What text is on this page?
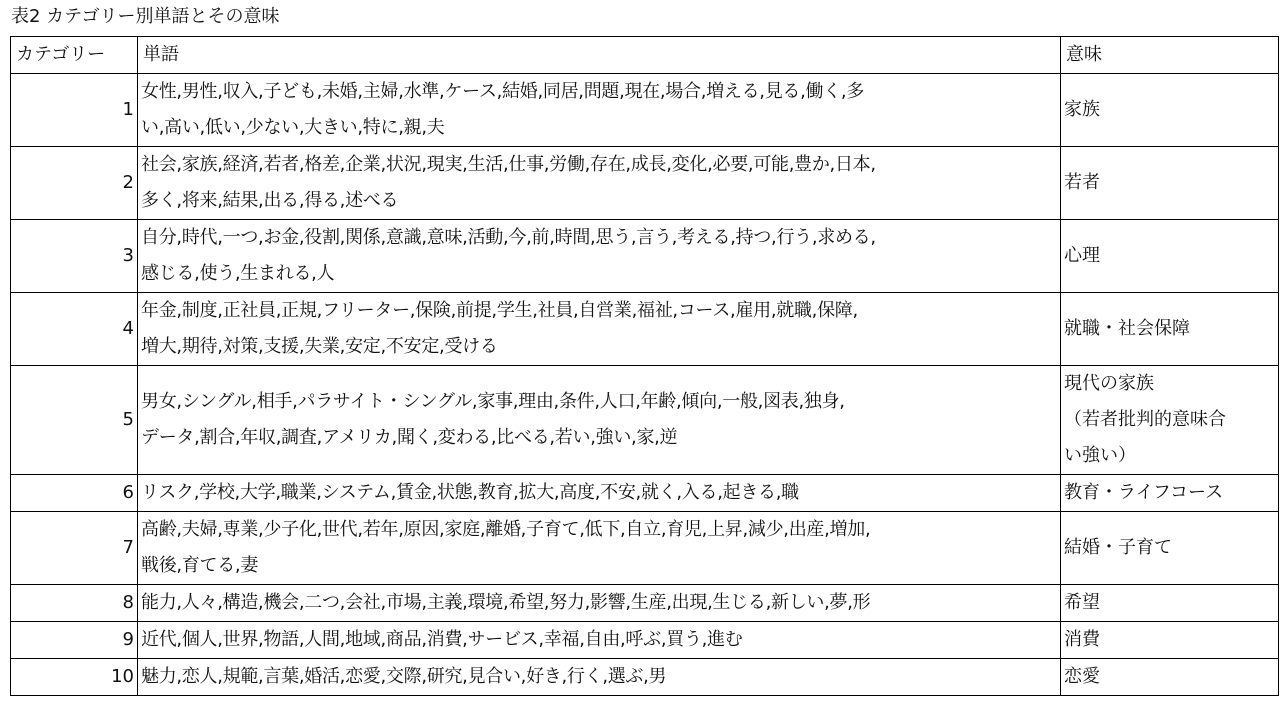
表2 カテゴリー別単語とその意味
カテゴリー	単語	意味
1	女性,男性,収入,子ども,未婚,主婦,水準,ケース,結婚,同居,問題,現在,場合,増える,見る,働く,多
い,高い,低い,少ない,大きい,特に,親,夫	家族

2	社会,家族,経済,若者,格差,企業,状況,現実,生活,仕事,労働,存在,成長,変化,必要,可能,豊か,日本,
多く,将来,結果,出る,得る,述べる	若者

3	自分,時代,一つ,お金,役割,関係,意識,意味,活動,今,前,時間,思う,言う,考える,持つ,行う,求める,
感じる,使う,生まれる,人	心理

4	年金,制度,正社員,正規,フリーター,保険,前提,学生,社員,自営業,福祉,コース,雇用,就職,保障,
増大,期待,対策,支援,失業,安定,不安定,受ける	就職・社会保障

5	男女,シングル,相手,パラサイト・シングル,家事,理由,条件,人口,年齢,傾向,一般,図表,独身,
データ,割合,年収,調査,アメリカ,聞く,変わる,比べる,若い,強い,家,逆	現代の家族
（若者批判的意味合
い強い）

6	リスク,学校,大学,職業,システム,賃金,状態,教育,拡大,高度,不安,就く,入る,起きる,職	教育・ライフコース

7	高齢,夫婦,専業,少子化,世代,若年,原因,家庭,離婚,子育て,低下,自立,育児,上昇,減少,出産,増加,
戦後,育てる,妻	結婚・子育て

8	能力,人々,構造,機会,二つ,会社,市場,主義,環境,希望,努力,影響,生産,出現,生じる,新しい,夢,形	希望

9	近代,個人,世界,物語,人間,地域,商品,消費,サービス,幸福,自由,呼ぶ,買う,進む	消費

10	魅力,恋人,規範,言葉,婚活,恋愛,交際,研究,見合い,好き,行く,選ぶ,男	恋愛
